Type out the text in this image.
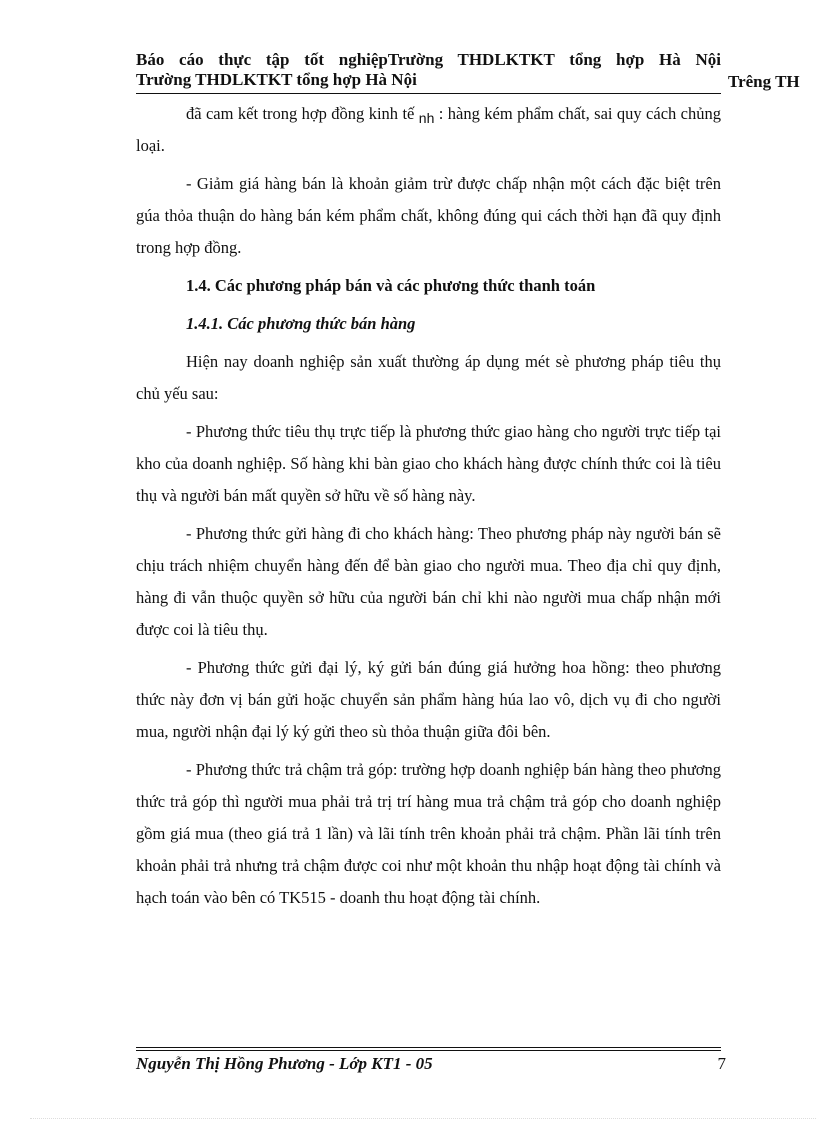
Báo cáo thực tập tốt nghiệpTrường THDLKTKT tổng hợp Hà Nội
Trường THDLKTKT tổng hợp Hà Nội	Trêng TH

đã cam kết trong hợp đồng kinh tế $_{nh}$ : hàng kém phẩm chất, sai quy cách chủng loại.

- Giảm giá hàng bán là khoản giảm trừ được chấp nhận một cách đặc biệt trên gúa thỏa thuận do hàng bán kém phẩm chất, không đúng qui cách thời hạn đã quy định trong hợp đồng.

1.4. Các phương pháp bán và các phương thức thanh toán

1.4.1. Các phương thức bán hàng

Hiện nay doanh nghiệp sản xuất thường áp dụng mét sè phương pháp tiêu thụ chủ yếu sau:

- Phương thức tiêu thụ trực tiếp là phương thức giao hàng cho người trực tiếp tại kho của doanh nghiệp. Số hàng khi bàn giao cho khách hàng được chính thức coi là tiêu thụ và người bán mất quyền sở hữu về số hàng này.

- Phương thức gửi hàng đi cho khách hàng: Theo phương pháp này người bán sẽ chịu trách nhiệm chuyển hàng đến để bàn giao cho người mua. Theo địa chỉ quy định, hàng đi vẫn thuộc quyền sở hữu của người bán chỉ khi nào người mua chấp nhận mới được coi là tiêu thụ.

- Phương thức gửi đại lý, ký gửi bán đúng giá hưởng hoa hồng: theo phương thức này đơn vị bán gửi hoặc chuyển sản phẩm hàng húa lao vô, dịch vụ đi cho người mua, người nhận đại lý ký gửi theo sù thỏa thuận giữa đôi bên.

- Phương thức trả chậm trả góp: trường hợp doanh nghiệp bán hàng theo phương thức trả góp thì người mua phải trả trị trí hàng mua trả chậm trả góp cho doanh nghiệp gồm giá mua (theo giá trả 1 lần) và lãi tính trên khoản phải trả chậm. Phần lãi tính trên khoản phải trả nhưng trả chậm được coi như một khoản thu nhập hoạt động tài chính và hạch toán vào bên có TK515 - doanh thu hoạt động tài chính.

Nguyễn Thị Hồng Phương - Lớp KT1 - 05	7
